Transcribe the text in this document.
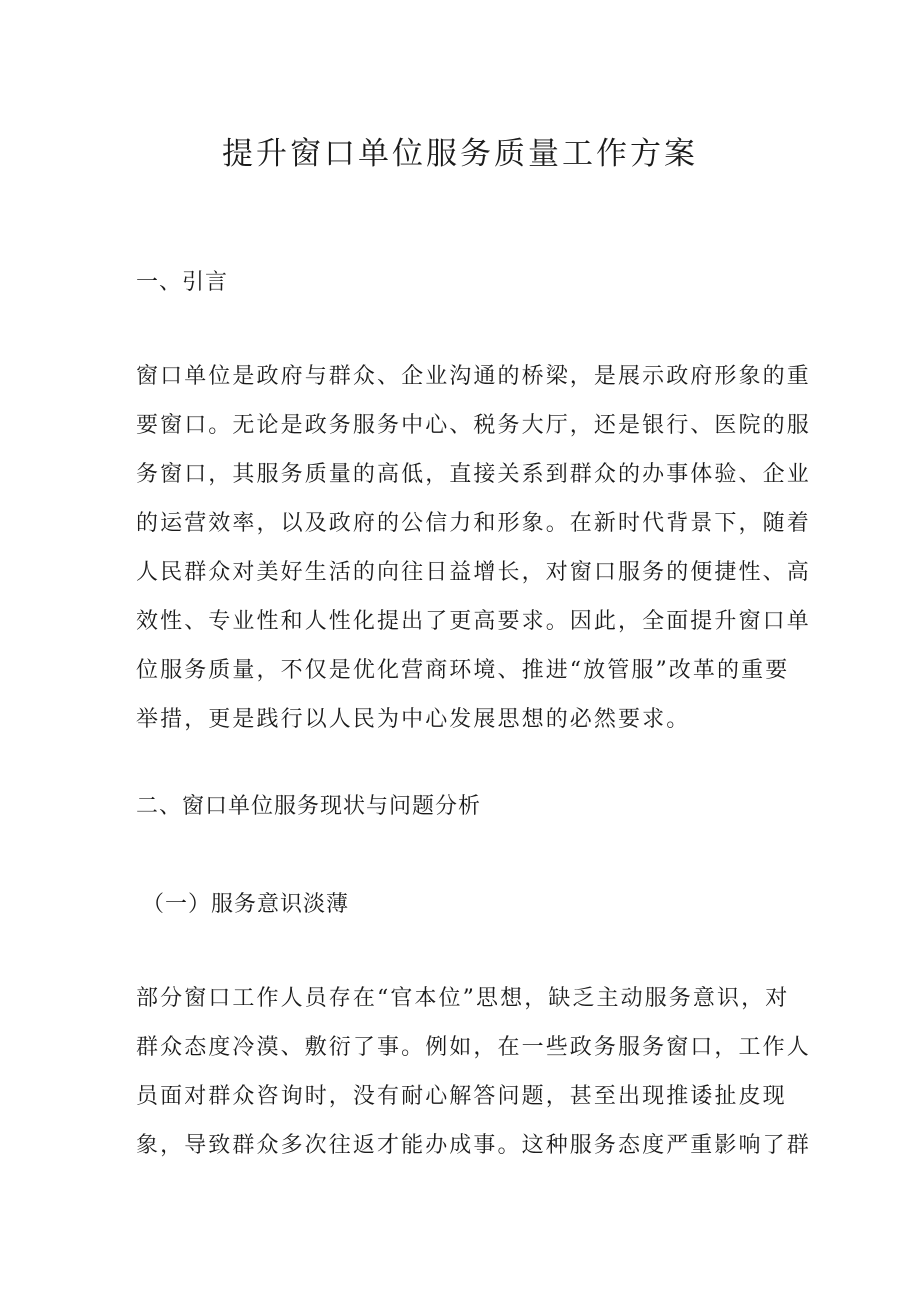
提升窗口单位服务质量工作方案
一、引言
窗口单位是政府与群众、企业沟通的桥梁，是展示政府形象的重
要窗口。无论是政务服务中心、税务大厅，还是银行、医院的服
务窗口，其服务质量的高低，直接关系到群众的办事体验、企业
的运营效率，以及政府的公信力和形象。在新时代背景下，随着
人民群众对美好生活的向往日益增长，对窗口服务的便捷性、高
效性、专业性和人性化提出了更高要求。因此，全面提升窗口单
位服务质量，不仅是优化营商环境、推进“放管服”改革的重要
举措，更是践行以人民为中心发展思想的必然要求。
二、窗口单位服务现状与问题分析
（一）服务意识淡薄
部分窗口工作人员存在“官本位”思想，缺乏主动服务意识，对
群众态度冷漠、敷衍了事。例如，在一些政务服务窗口，工作人
员面对群众咨询时，没有耐心解答问题，甚至出现推诿扯皮现
象，导致群众多次往返才能办成事。这种服务态度严重影响了群
